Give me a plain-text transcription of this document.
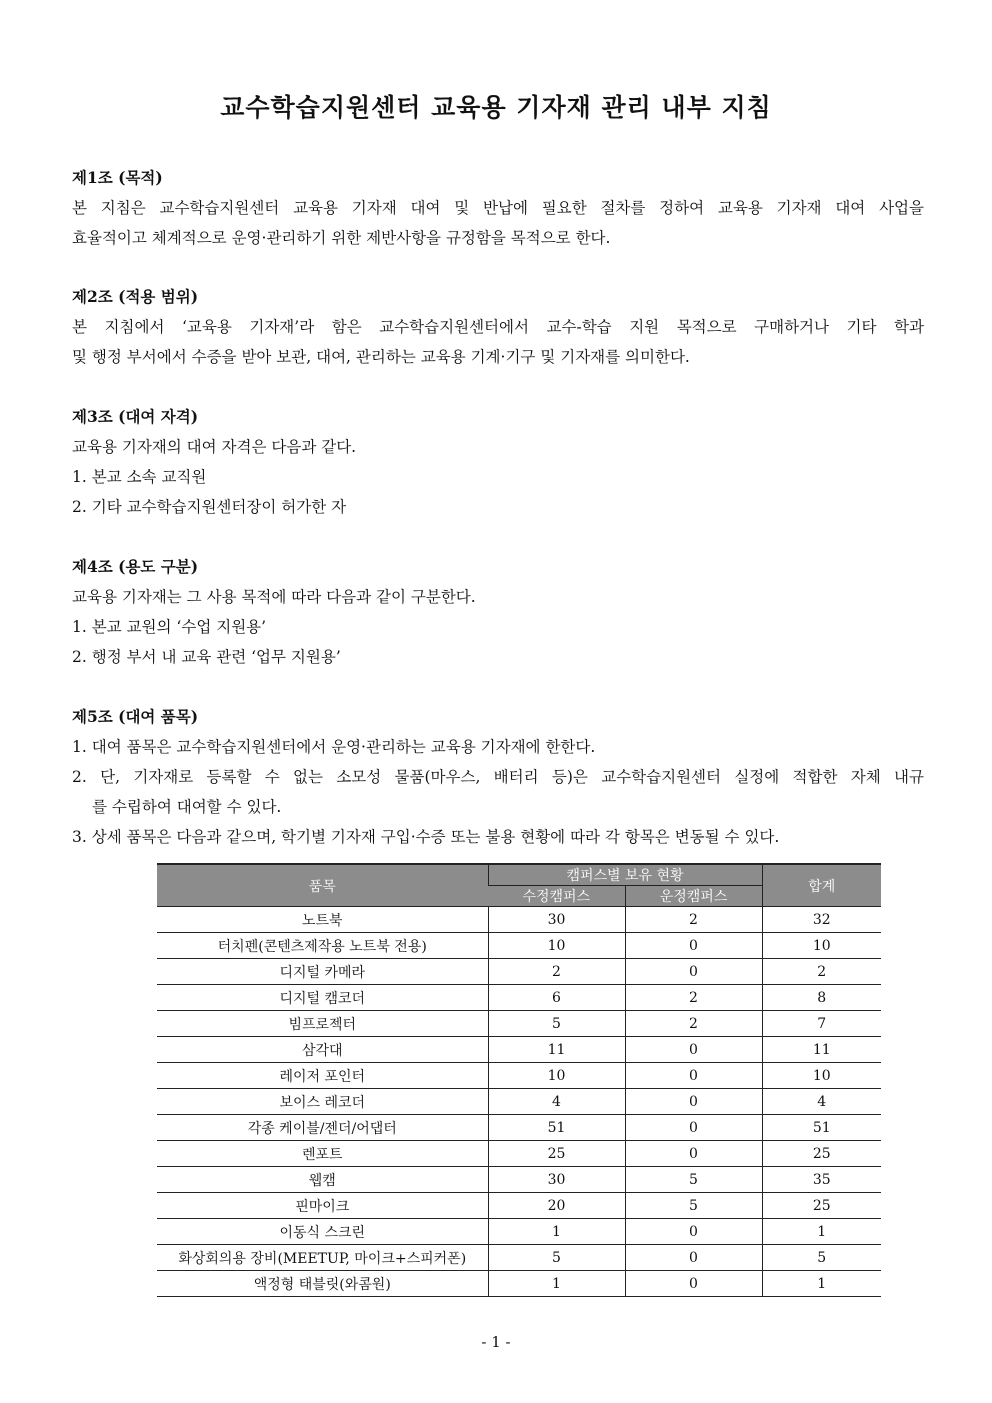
교수학습지원센터 교육용 기자재 관리 내부 지침
제1조 (목적)
본 지침은 교수학습지원센터 교육용 기자재 대여 및 반납에 필요한 절차를 정하여 교육용 기자재 대여 사업을
효율적이고 체계적으로 운영·관리하기 위한 제반사항을 규정함을 목적으로 한다.
제2조 (적용 범위)
본 지침에서 ‘교육용 기자재’라 함은 교수학습지원센터에서 교수-학습 지원 목적으로 구매하거나 기타 학과
및 행정 부서에서 수증을 받아 보관, 대여, 관리하는 교육용 기계·기구 및 기자재를 의미한다.
제3조 (대여 자격)
교육용 기자재의 대여 자격은 다음과 같다.
1. 본교 소속 교직원
2. 기타 교수학습지원센터장이 허가한 자
제4조 (용도 구분)
교육용 기자재는 그 사용 목적에 따라 다음과 같이 구분한다.
1. 본교 교원의 ‘수업 지원용’
2. 행정 부서 내 교육 관련 ‘업무 지원용’
제5조 (대여 품목)
1. 대여 품목은 교수학습지원센터에서 운영·관리하는 교육용 기자재에 한한다.
2. 단, 기자재로 등록할 수 없는 소모성 물품(마우스, 배터리 등)은 교수학습지원센터 실정에 적합한 자체 내규
를 수립하여 대여할 수 있다.
3. 상세 품목은 다음과 같으며, 학기별 기자재 구입·수증 또는 불용 현황에 따라 각 항목은 변동될 수 있다.
품목	캠퍼스별 보유 현황		합계
	수정캠퍼스	운정캠퍼스	
노트북	30	2	32
터치펜(콘텐츠제작용 노트북 전용)	10	0	10
디지털 카메라	2	0	2
디지털 캠코더	6	2	8
빔프로젝터	5	2	7
삼각대	11	0	11
레이저 포인터	10	0	10
보이스 레코더	4	0	4
각종 케이블/젠더/어댑터	51	0	51
렌포트	25	0	25
웹캠	30	5	35
핀마이크	20	5	25
이동식 스크린	1	0	1
화상회의용 장비(MEETUP, 마이크+스피커폰)	5	0	5
액정형 태블릿(와콤원)	1	0	1
- 1 -
